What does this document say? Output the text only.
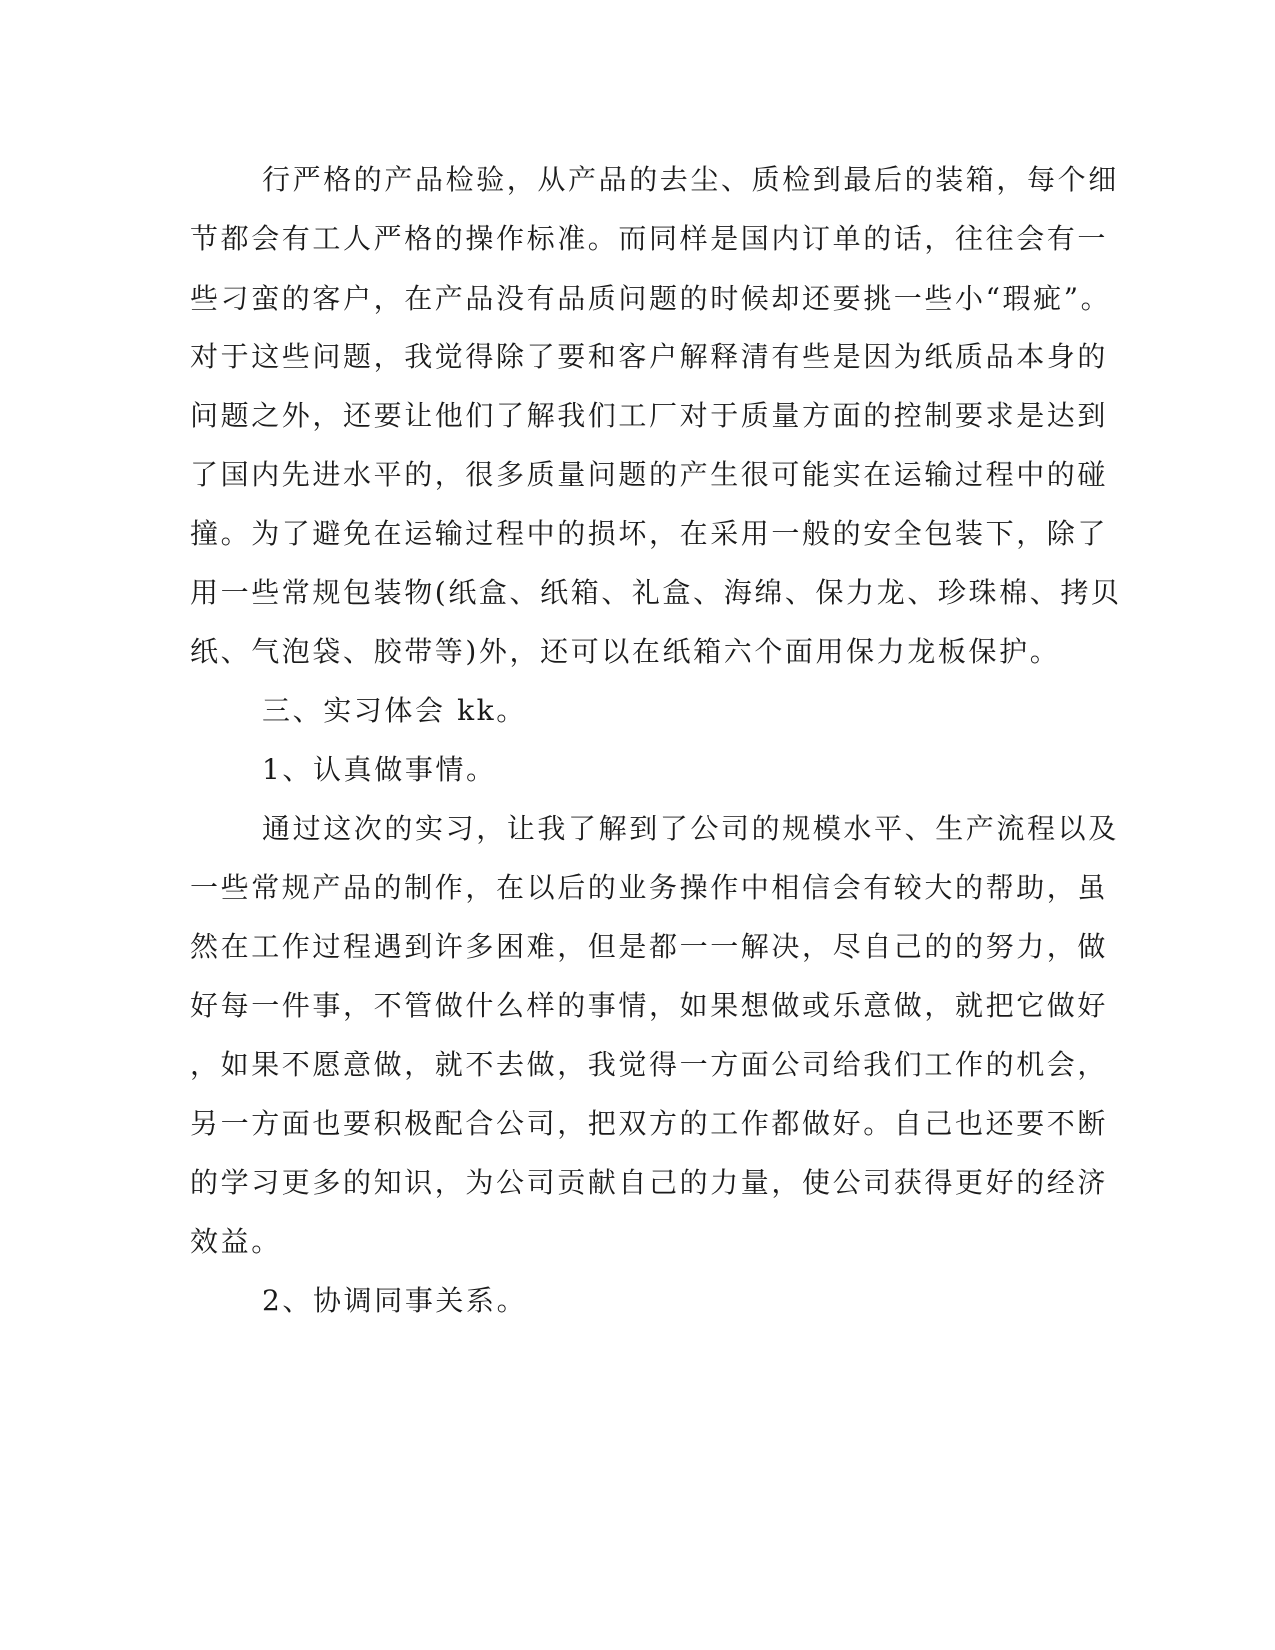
行严格的产品检验，从产品的去尘、质检到最后的装箱，每个细
节都会有工人严格的操作标准。而同样是国内订单的话，往往会有一
些刁蛮的客户，在产品没有品质问题的时候却还要挑一些小“瑕疵”。
对于这些问题，我觉得除了要和客户解释清有些是因为纸质品本身的
问题之外，还要让他们了解我们工厂对于质量方面的控制要求是达到
了国内先进水平的，很多质量问题的产生很可能实在运输过程中的碰
撞。为了避免在运输过程中的损坏，在采用一般的安全包装下，除了
用一些常规包装物(纸盒、纸箱、礼盒、海绵、保力龙、珍珠棉、拷贝
纸、气泡袋、胶带等)外，还可以在纸箱六个面用保力龙板保护。
三、实习体会 kk。
1、认真做事情。
通过这次的实习，让我了解到了公司的规模水平、生产流程以及
一些常规产品的制作，在以后的业务操作中相信会有较大的帮助，虽
然在工作过程遇到许多困难，但是都一一解决，尽自己的的努力，做
好每一件事，不管做什么样的事情，如果想做或乐意做，就把它做好
，如果不愿意做，就不去做，我觉得一方面公司给我们工作的机会，
另一方面也要积极配合公司，把双方的工作都做好。自己也还要不断
的学习更多的知识，为公司贡献自己的力量，使公司获得更好的经济
效益。
2、协调同事关系。
